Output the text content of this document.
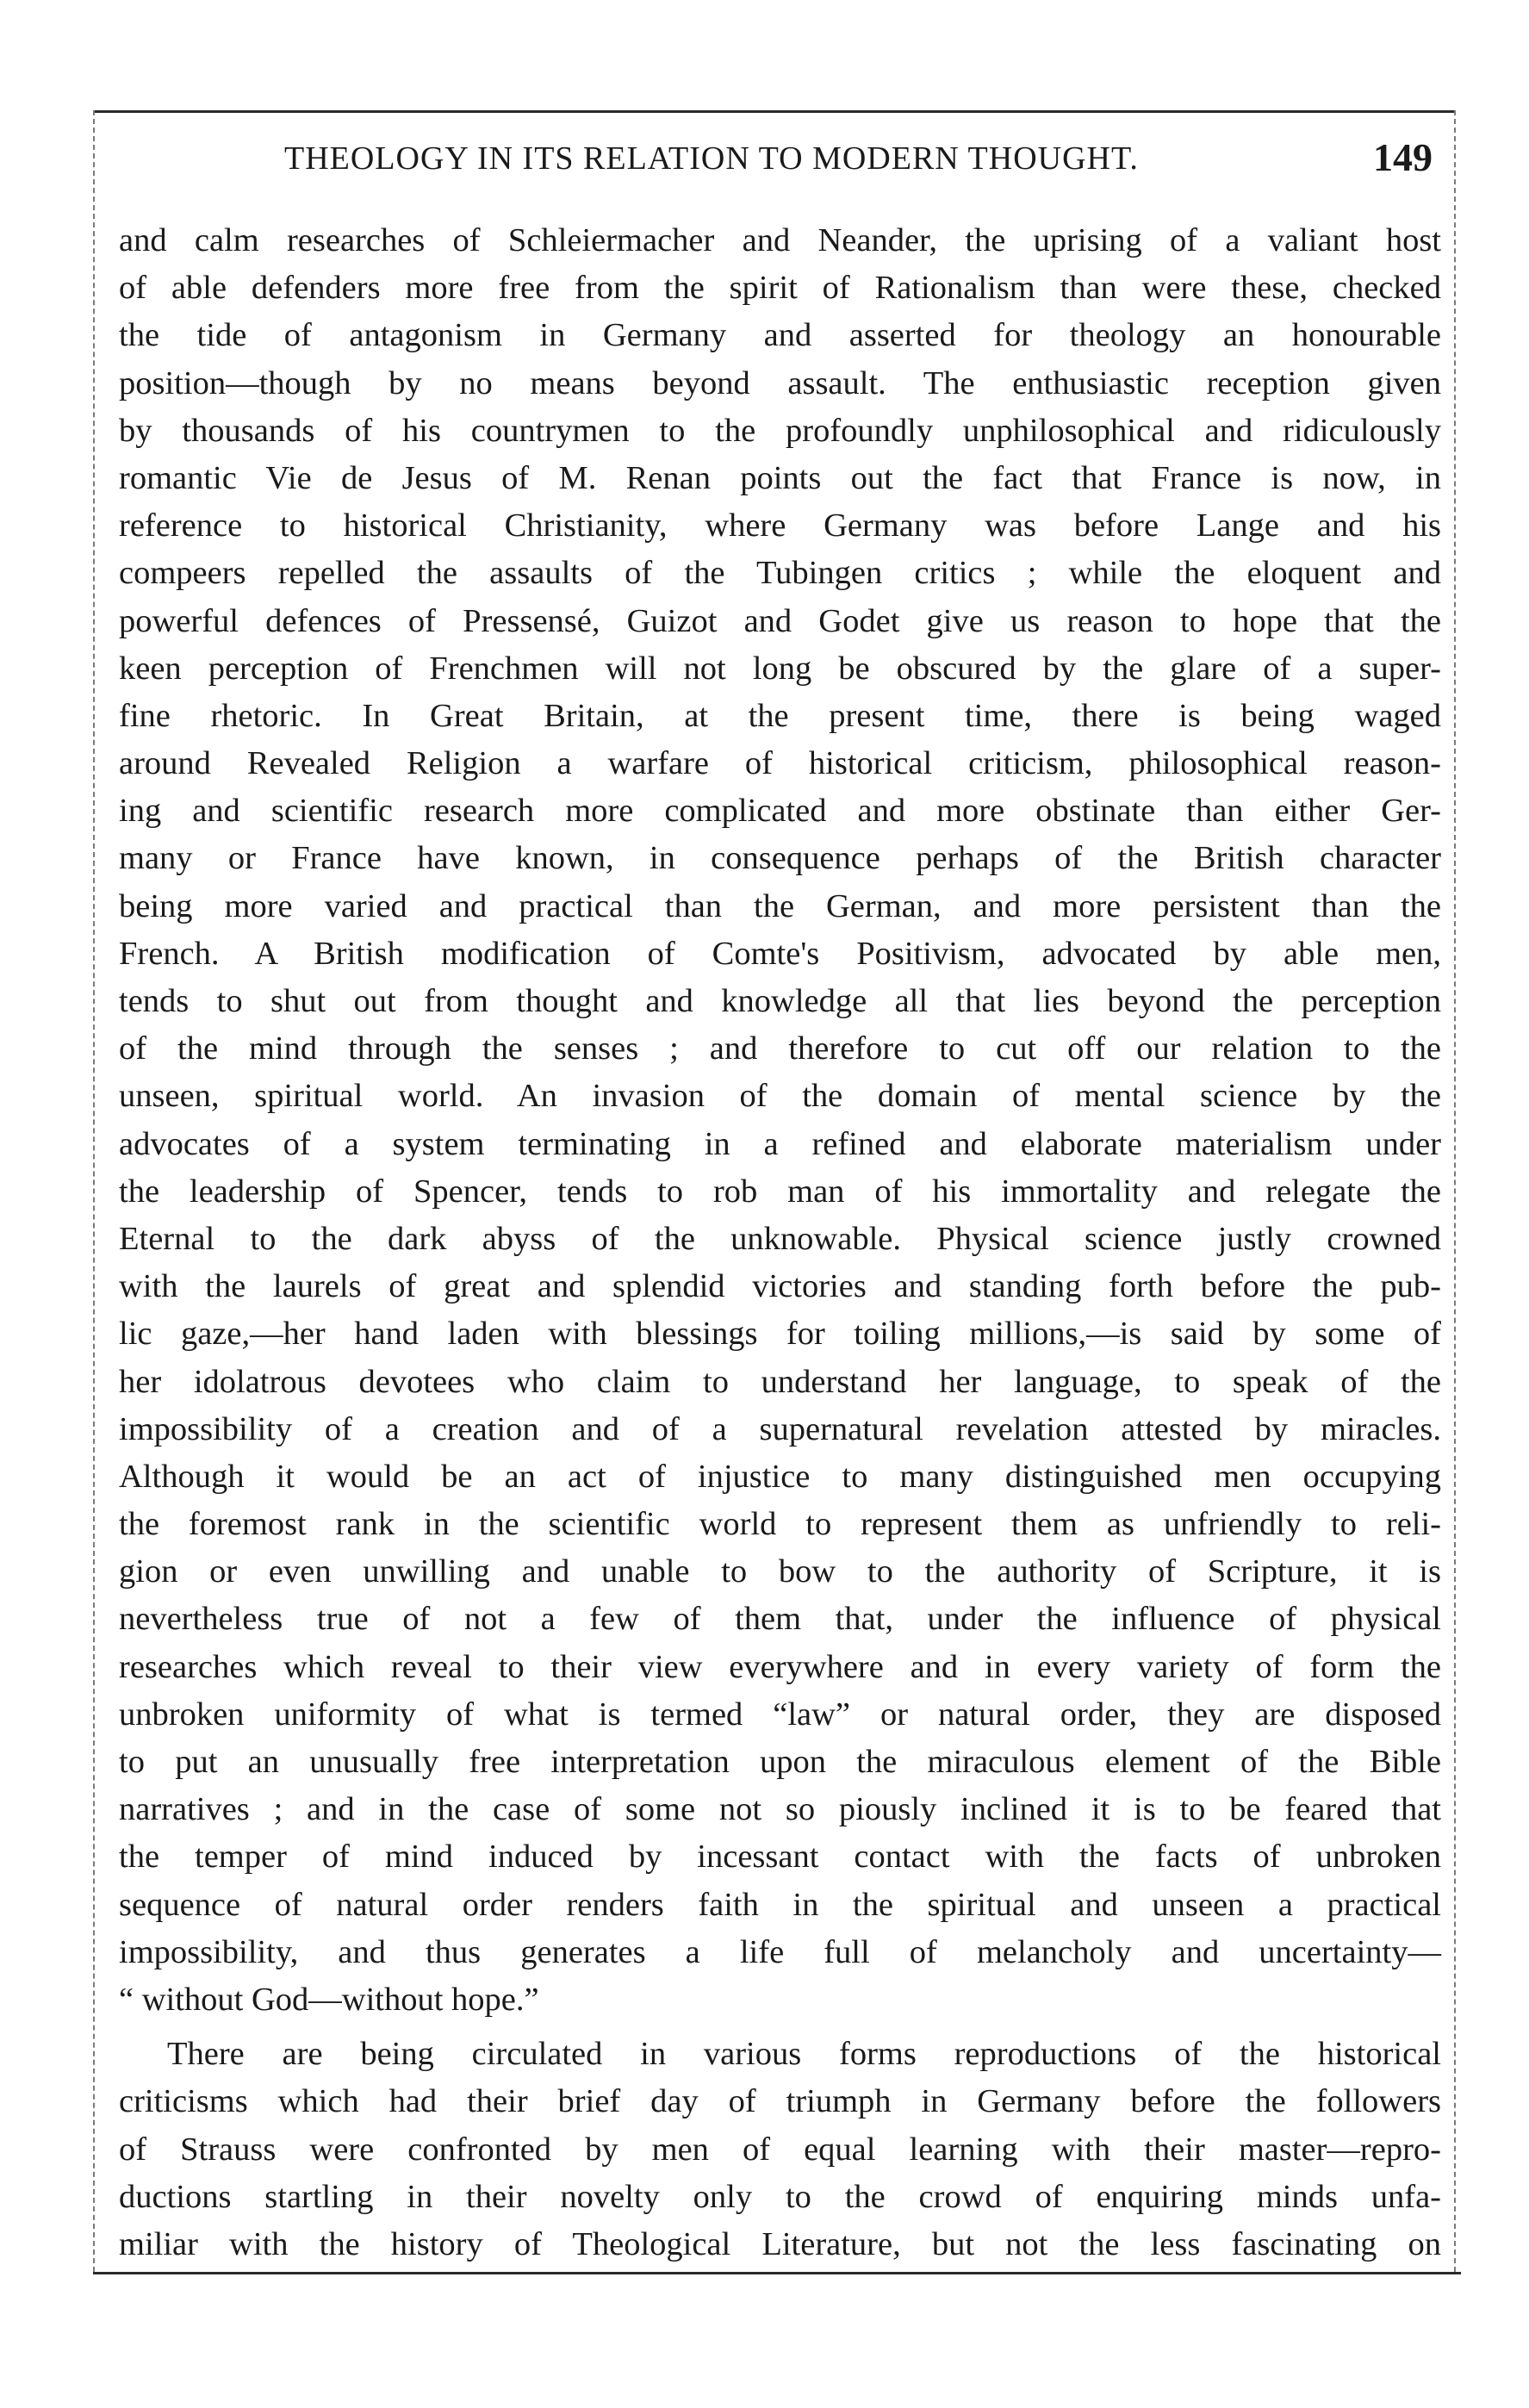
THEOLOGY IN ITS RELATION TO MODERN THOUGHT.	149
and calm researches of Schleiermacher and Neander, the uprising of a valiant host
of able defenders more free from the spirit of Rationalism than were these, checked
the tide of antagonism in Germany and asserted for theology an honourable
position—though by no means beyond assault. The enthusiastic reception given
by thousands of his countrymen to the profoundly unphilosophical and ridiculously
romantic Vie de Jesus of M. Renan points out the fact that France is now, in
reference to historical Christianity, where Germany was before Lange and his
compeers repelled the assaults of the Tubingen critics ; while the eloquent and
powerful defences of Pressensé, Guizot and Godet give us reason to hope that the
keen perception of Frenchmen will not long be obscured by the glare of a super-
fine rhetoric. In Great Britain, at the present time, there is being waged
around Revealed Religion a warfare of historical criticism, philosophical reason-
ing and scientific research more complicated and more obstinate than either Ger-
many or France have known, in consequence perhaps of the British character
being more varied and practical than the German, and more persistent than the
French. A British modification of Comte's Positivism, advocated by able men,
tends to shut out from thought and knowledge all that lies beyond the perception
of the mind through the senses ; and therefore to cut off our relation to the
unseen, spiritual world. An invasion of the domain of mental science by the
advocates of a system terminating in a refined and elaborate materialism under
the leadership of Spencer, tends to rob man of his immortality and relegate the
Eternal to the dark abyss of the unknowable. Physical science justly crowned
with the laurels of great and splendid victories and standing forth before the pub-
lic gaze,—her hand laden with blessings for toiling millions,—is said by some of
her idolatrous devotees who claim to understand her language, to speak of the
impossibility of a creation and of a supernatural revelation attested by miracles.
Although it would be an act of injustice to many distinguished men occupying
the foremost rank in the scientific world to represent them as unfriendly to reli-
gion or even unwilling and unable to bow to the authority of Scripture, it is
nevertheless true of not a few of them that, under the influence of physical
researches which reveal to their view everywhere and in every variety of form the
unbroken uniformity of what is termed “law” or natural order, they are disposed
to put an unusually free interpretation upon the miraculous element of the Bible
narratives ; and in the case of some not so piously inclined it is to be feared that
the temper of mind induced by incessant contact with the facts of unbroken
sequence of natural order renders faith in the spiritual and unseen a practical
impossibility, and thus generates a life full of melancholy and uncertainty—
“ without God—without hope.”
There are being circulated in various forms reproductions of the historical
criticisms which had their brief day of triumph in Germany before the followers
of Strauss were confronted by men of equal learning with their master—repro-
ductions startling in their novelty only to the crowd of enquiring minds unfa-
miliar with the history of Theological Literature, but not the less fascinating on
